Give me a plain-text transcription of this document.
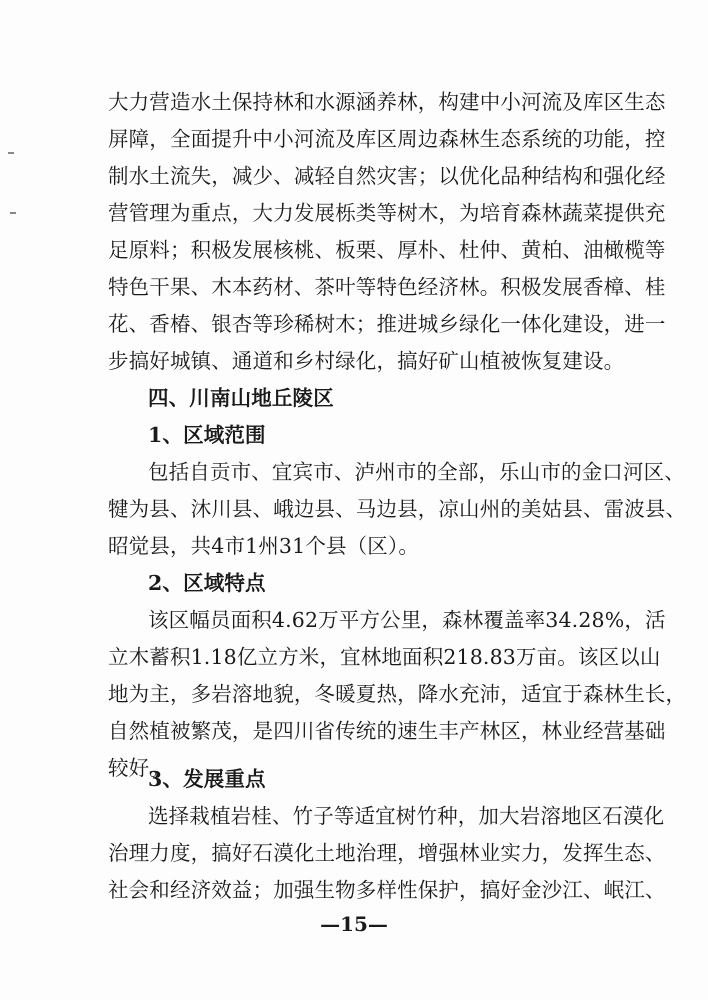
大力营造水土保持林和水源涵养林，构建中小河流及库区生态
屏障，全面提升中小河流及库区周边森林生态系统的功能，控
制水土流失，减少、减轻自然灾害；以优化品种结构和强化经
营管理为重点，大力发展栎类等树木，为培育森林蔬菜提供充
足原料；积极发展核桃、板栗、厚朴、杜仲、黄柏、油橄榄等
特色干果、木本药材、茶叶等特色经济林。积极发展香樟、桂
花、香椿、银杏等珍稀树木；推进城乡绿化一体化建设，进一
步搞好城镇、通道和乡村绿化，搞好矿山植被恢复建设。
四、川南山地丘陵区
1、区域范围
包括自贡市、宜宾市、泸州市的全部，乐山市的金口河区、
犍为县、沐川县、峨边县、马边县，凉山州的美姑县、雷波县、
昭觉县，共4市1州31个县（区）。
2、区域特点
该区幅员面积4.62万平方公里，森林覆盖率34.28%，活
立木蓄积1.18亿立方米，宜林地面积218.83万亩。该区以山
地为主，多岩溶地貌，冬暖夏热，降水充沛，适宜于森林生长，
自然植被繁茂，是四川省传统的速生丰产林区，林业经营基础
较好。
3、发展重点
选择栽植岩桂、竹子等适宜树竹种，加大岩溶地区石漠化
治理力度，搞好石漠化土地治理，增强林业实力，发挥生态、
—15—
社会和经济效益；加强生物多样性保护，搞好金沙江、岷江、
